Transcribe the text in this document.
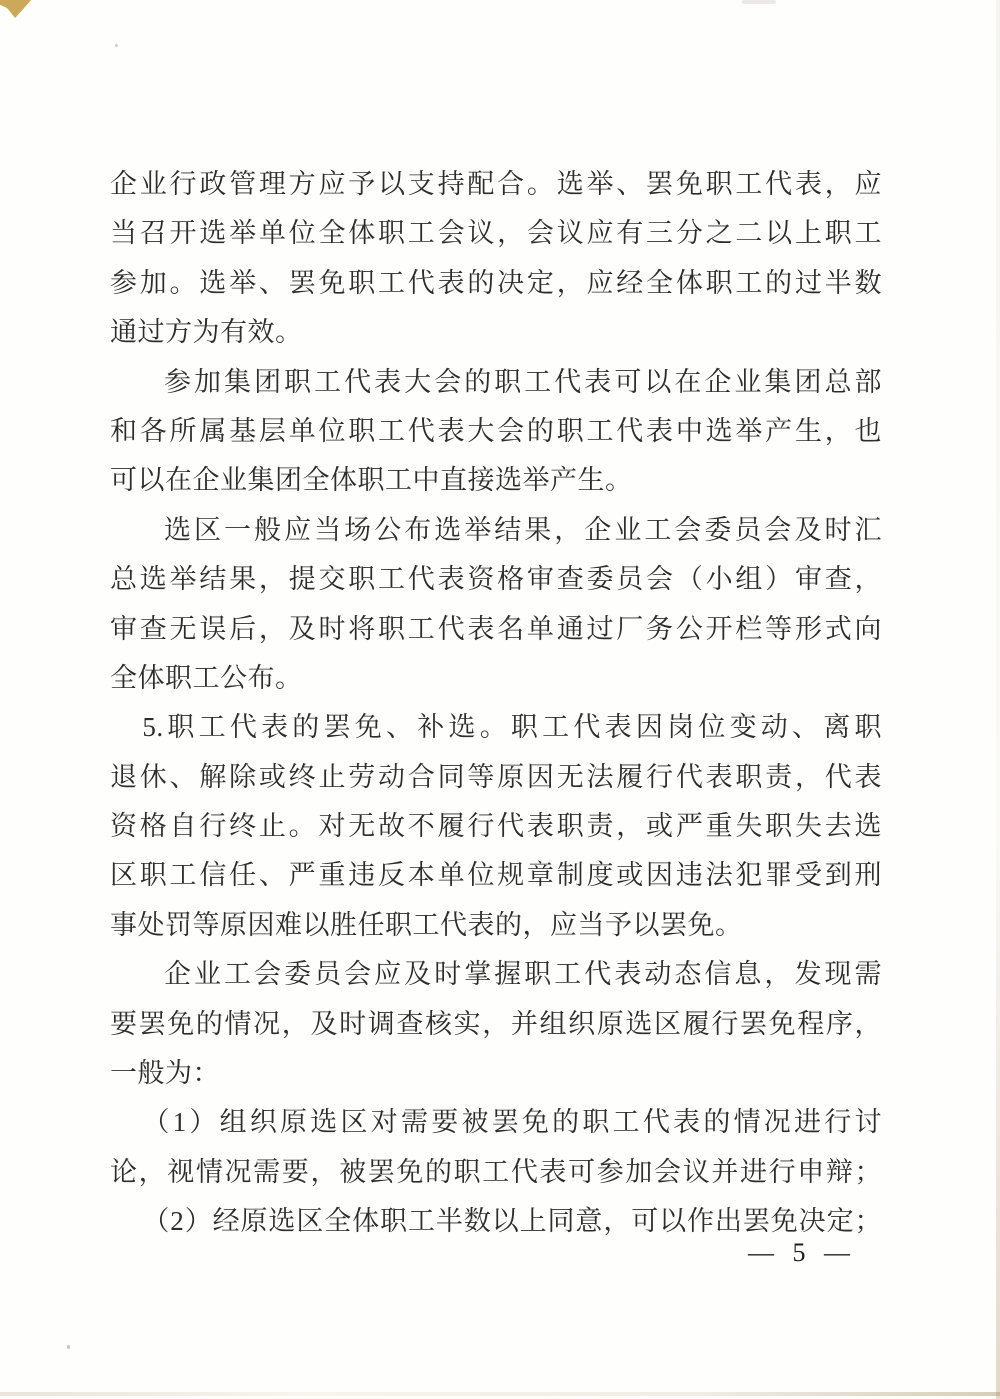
企业行政管理方应予以支持配合。选举、罢免职工代表，应
当召开选举单位全体职工会议，会议应有三分之二以上职工
参加。选举、罢免职工代表的决定，应经全体职工的过半数
通过方为有效。
参加集团职工代表大会的职工代表可以在企业集团总部
和各所属基层单位职工代表大会的职工代表中选举产生，也
可以在企业集团全体职工中直接选举产生。
选区一般应当场公布选举结果，企业工会委员会及时汇
总选举结果，提交职工代表资格审查委员会（小组）审查，
审查无误后，及时将职工代表名单通过厂务公开栏等形式向
全体职工公布。
5.职工代表的罢免、补选。职工代表因岗位变动、离职
退休、解除或终止劳动合同等原因无法履行代表职责，代表
资格自行终止。对无故不履行代表职责，或严重失职失去选
区职工信任、严重违反本单位规章制度或因违法犯罪受到刑
事处罚等原因难以胜任职工代表的，应当予以罢免。
企业工会委员会应及时掌握职工代表动态信息，发现需
要罢免的情况，及时调查核实，并组织原选区履行罢免程序，
一般为：
（1）组织原选区对需要被罢免的职工代表的情况进行讨
论，视情况需要，被罢免的职工代表可参加会议并进行申辩；
（2）经原选区全体职工半数以上同意，可以作出罢免决定；
— 5 —
